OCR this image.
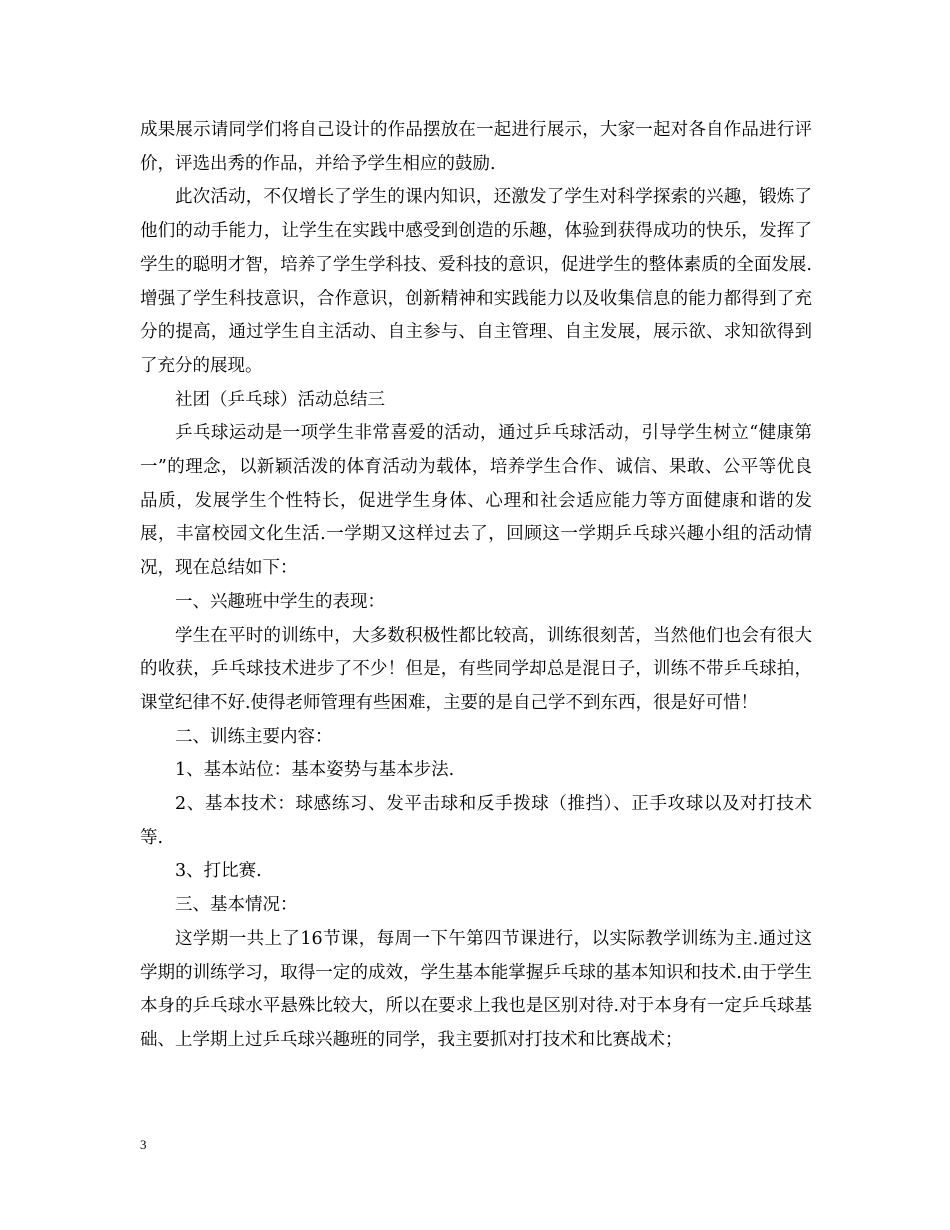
成果展示请同学们将自己设计的作品摆放在一起进行展示，大家一起对各自作品进行评价，评选出秀的作品，并给予学生相应的鼓励.

此次活动，不仅增长了学生的课内知识，还激发了学生对科学探索的兴趣，锻炼了他们的动手能力，让学生在实践中感受到创造的乐趣，体验到获得成功的快乐，发挥了学生的聪明才智，培养了学生学科技、爱科技的意识，促进学生的整体素质的全面发展.增强了学生科技意识，合作意识，创新精神和实践能力以及收集信息的能力都得到了充分的提高，通过学生自主活动、自主参与、自主管理、自主发展，展示欲、求知欲得到了充分的展现。

社团（乒乓球）活动总结三

乒乓球运动是一项学生非常喜爱的活动，通过乒乓球活动，引导学生树立“健康第一”的理念，以新颖活泼的体育活动为载体，培养学生合作、诚信、果敢、公平等优良品质，发展学生个性特长，促进学生身体、心理和社会适应能力等方面健康和谐的发展，丰富校园文化生活.一学期又这样过去了，回顾这一学期乒乓球兴趣小组的活动情况，现在总结如下：

一、兴趣班中学生的表现：

学生在平时的训练中，大多数积极性都比较高，训练很刻苦，当然他们也会有很大的收获，乒乓球技术进步了不少！但是，有些同学却总是混日子，训练不带乒乓球拍，课堂纪律不好.使得老师管理有些困难，主要的是自己学不到东西，很是好可惜！

二、训练主要内容：

1、基本站位：基本姿势与基本步法.

2、基本技术：球感练习、发平击球和反手拨球（推挡）、正手攻球以及对打技术等.

3、打比赛.

三、基本情况：

这学期一共上了16节课，每周一下午第四节课进行，以实际教学训练为主.通过这学期的训练学习，取得一定的成效，学生基本能掌握乒乓球的基本知识和技术.由于学生本身的乒乓球水平悬殊比较大，所以在要求上我也是区别对待.对于本身有一定乒乓球基础、上学期上过乒乓球兴趣班的同学，我主要抓对打技术和比赛战术；

3
